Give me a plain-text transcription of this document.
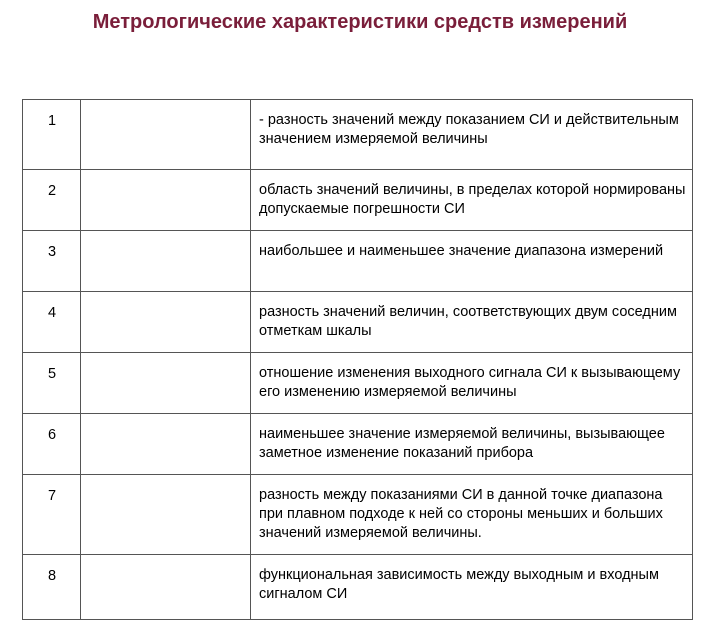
Метрологические характеристики средств измерений
1		- разность значений между показанием СИ и действительным значением измеряемой величины
2		область значений величины, в пределах которой нормированы допускаемые погрешности СИ
3		наибольшее и наименьшее значение диапазона измерений
4		разность значений величин, соответствующих двум соседним отметкам шкалы
5		отношение изменения выходного сигнала СИ к вызывающему его изменению измеряемой величины
6		наименьшее значение измеряемой величины, вызывающее заметное изменение показаний прибора
7		разность между показаниями СИ в данной точке диапазона при плавном подходе к ней со стороны меньших и больших значений измеряемой величины.
8		функциональная зависимость между выходным и входным сигналом СИ
